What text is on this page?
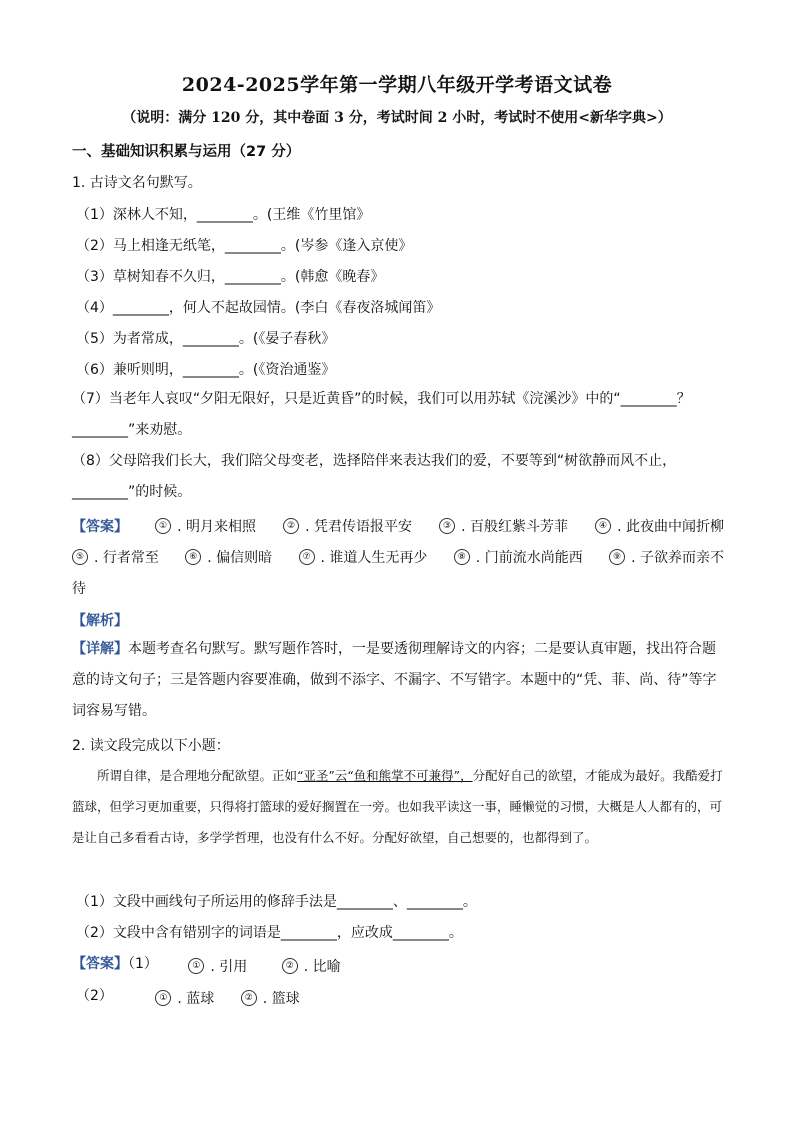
2024-2025学年第一学期八年级开学考语文试卷
（说明：满分 120 分，其中卷面 3 分，考试时间 2 小时，考试时不使用<新华字典>）
一、基础知识积累与运用（27 分）
1. 古诗文名句默写。
（1）深林人不知，________。(王维《竹里馆》
（2）马上相逢无纸笔，________。(岑参《逢入京使》
（3）草树知春不久归，________。(韩愈《晚春》
（4）________，何人不起故园情。(李白《春夜洛城闻笛》
（5）为者常成，________。(《晏子春秋》
（6）兼听则明，________。(《资治通鉴》
（7）当老年人哀叹“夕阳无限好，只是近黄昏”的时候，我们可以用苏轼《浣溪沙》中的“________？________”来劝慰。
（8）父母陪我们长大，我们陪父母变老，选择陪伴来表达我们的爱，不要等到“树欲静而风不止，________”的时候。
【答案】	① . 明月来相照	② . 凭君传语报平安	③ . 百般红紫斗芳菲	④ . 此夜曲中闻折柳
⑤ . 行者常至	⑥ . 偏信则暗	⑦ . 谁道人生无再少	⑧ . 门前流水尚能西	⑨ . 子欲养而亲不
待
【解析】
【详解】本题考查名句默写。默写题作答时，一是要透彻理解诗文的内容；二是要认真审题，找出符合题意的诗文句子；三是答题内容要准确，做到不添字、不漏字、不写错字。本题中的“凭、菲、尚、待”等字词容易写错。
2. 读文段完成以下小题：
所谓自律，是合理地分配欲望。正如“亚圣”云“鱼和熊掌不可兼得”，分配好自己的欲望，才能成为最好。我酷爱打篮球，但学习更加重要，只得将打篮球的爱好搁置在一旁。也如我平读这一事，睡懒觉的习惯，大概是人人都有的，可是让自己多看看古诗，多学学哲理，也没有什么不好。分配好欲望，自己想要的，也都得到了。
（1）文段中画线句子所运用的修辞手法是________、________。
（2）文段中含有错别字的词语是________，应改成________。
【答案】（1）	① . 引用
	② . 比喻
（2）	① . 蓝球
	② . 篮球
